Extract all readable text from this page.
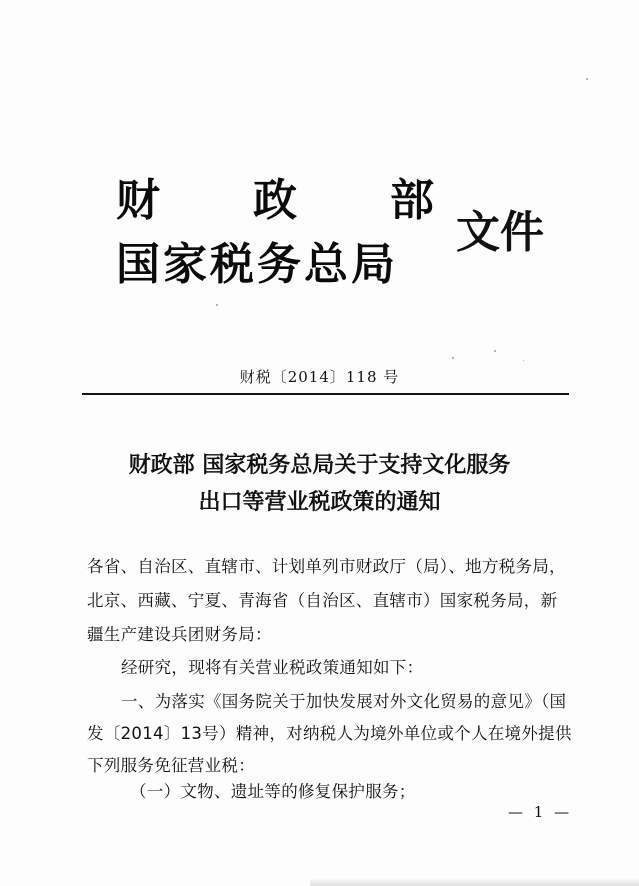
财 政 部
国家税务总局
文件
财税〔2014〕118 号
财政部 国家税务总局关于支持文化服务
出口等营业税政策的通知
各省、自治区、直辖市、计划单列市财政厅（局）、地方税务局，
北京、西藏、宁夏、青海省（自治区、直辖市）国家税务局，新
疆生产建设兵团财务局：
经研究，现将有关营业税政策通知如下：
一、为落实《国务院关于加快发展对外文化贸易的意见》（国
发〔2014〕13号）精神，对纳税人为境外单位或个人在境外提供
下列服务免征营业税：
（一）文物、遗址等的修复保护服务；
— 1 —
